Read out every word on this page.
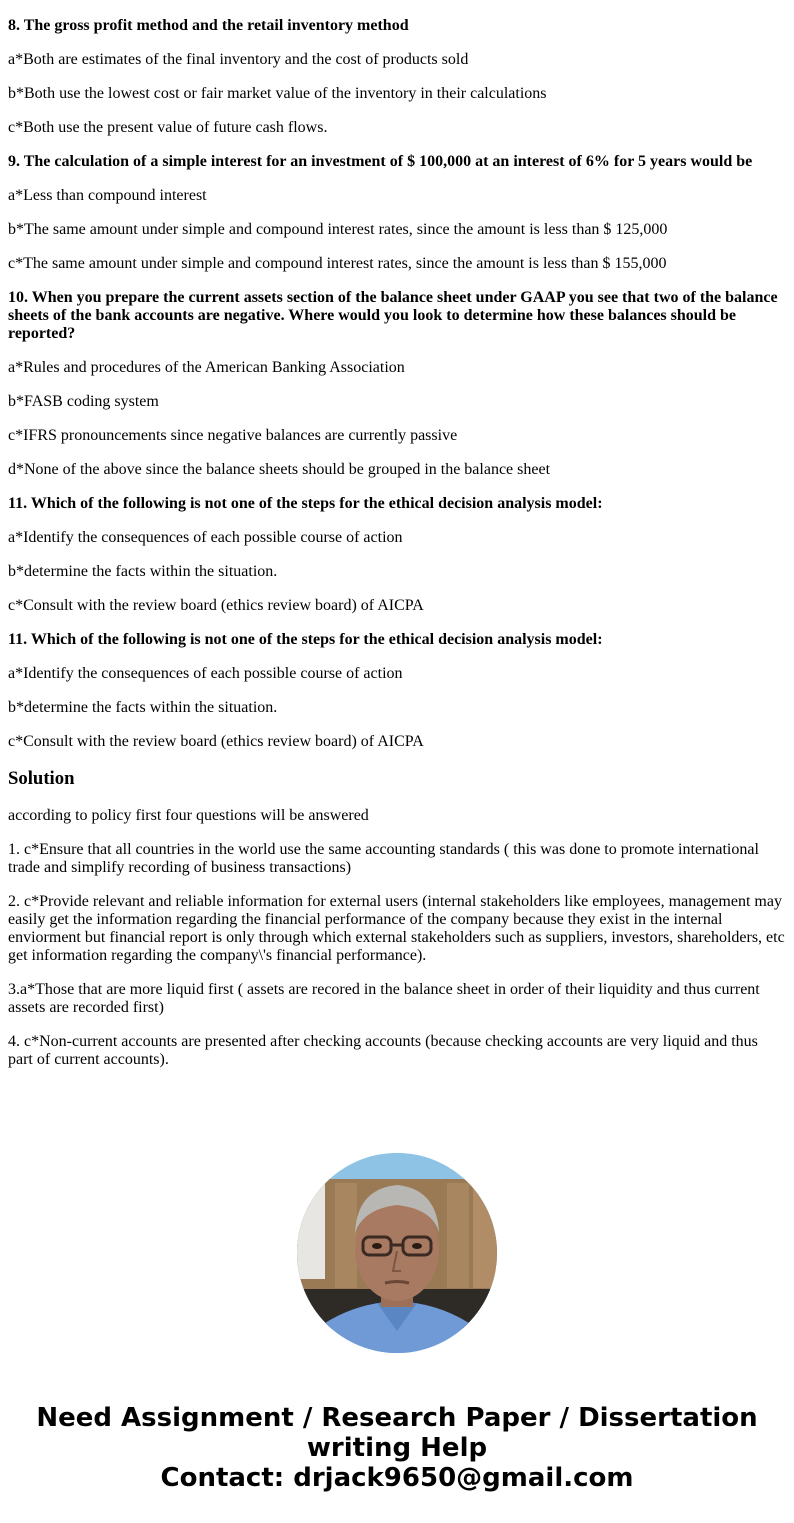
8. The gross profit method and the retail inventory method

a*Both are estimates of the final inventory and the cost of products sold

b*Both use the lowest cost or fair market value of the inventory in their calculations

c*Both use the present value of future cash flows.

9. The calculation of a simple interest for an investment of $ 100,000 at an interest of 6% for 5 years would be

a*Less than compound interest

b*The same amount under simple and compound interest rates, since the amount is less than $ 125,000

c*The same amount under simple and compound interest rates, since the amount is less than $ 155,000

10. When you prepare the current assets section of the balance sheet under GAAP you see that two of the balance sheets of the bank accounts are negative. Where would you look to determine how these balances should be reported?

a*Rules and procedures of the American Banking Association

b*FASB coding system

c*IFRS pronouncements since negative balances are currently passive

d*None of the above since the balance sheets should be grouped in the balance sheet

11. Which of the following is not one of the steps for the ethical decision analysis model:

a*Identify the consequences of each possible course of action

b*determine the facts within the situation.

c*Consult with the review board (ethics review board) of AICPA

11. Which of the following is not one of the steps for the ethical decision analysis model:

a*Identify the consequences of each possible course of action

b*determine the facts within the situation.

c*Consult with the review board (ethics review board) of AICPA

Solution

according to policy first four questions will be answered

1. c*Ensure that all countries in the world use the same accounting standards ( this was done to promote international trade and simplify recording of business transactions)

2. c*Provide relevant and reliable information for external users (internal stakeholders like employees, management may easily get the information regarding the financial performance of the company because they exist in the internal enviorment but financial report is only through which external stakeholders such as suppliers, investors, shareholders, etc get information regarding the company\'s financial performance).

3.a*Those that are more liquid first ( assets are recored in the balance sheet in order of their liquidity and thus current assets are recorded first)

4. c*Non-current accounts are presented after checking accounts (because checking accounts are very liquid and thus part of current accounts).

Need Assignment / Research Paper / Dissertation
writing Help
Contact: drjack9650@gmail.com
